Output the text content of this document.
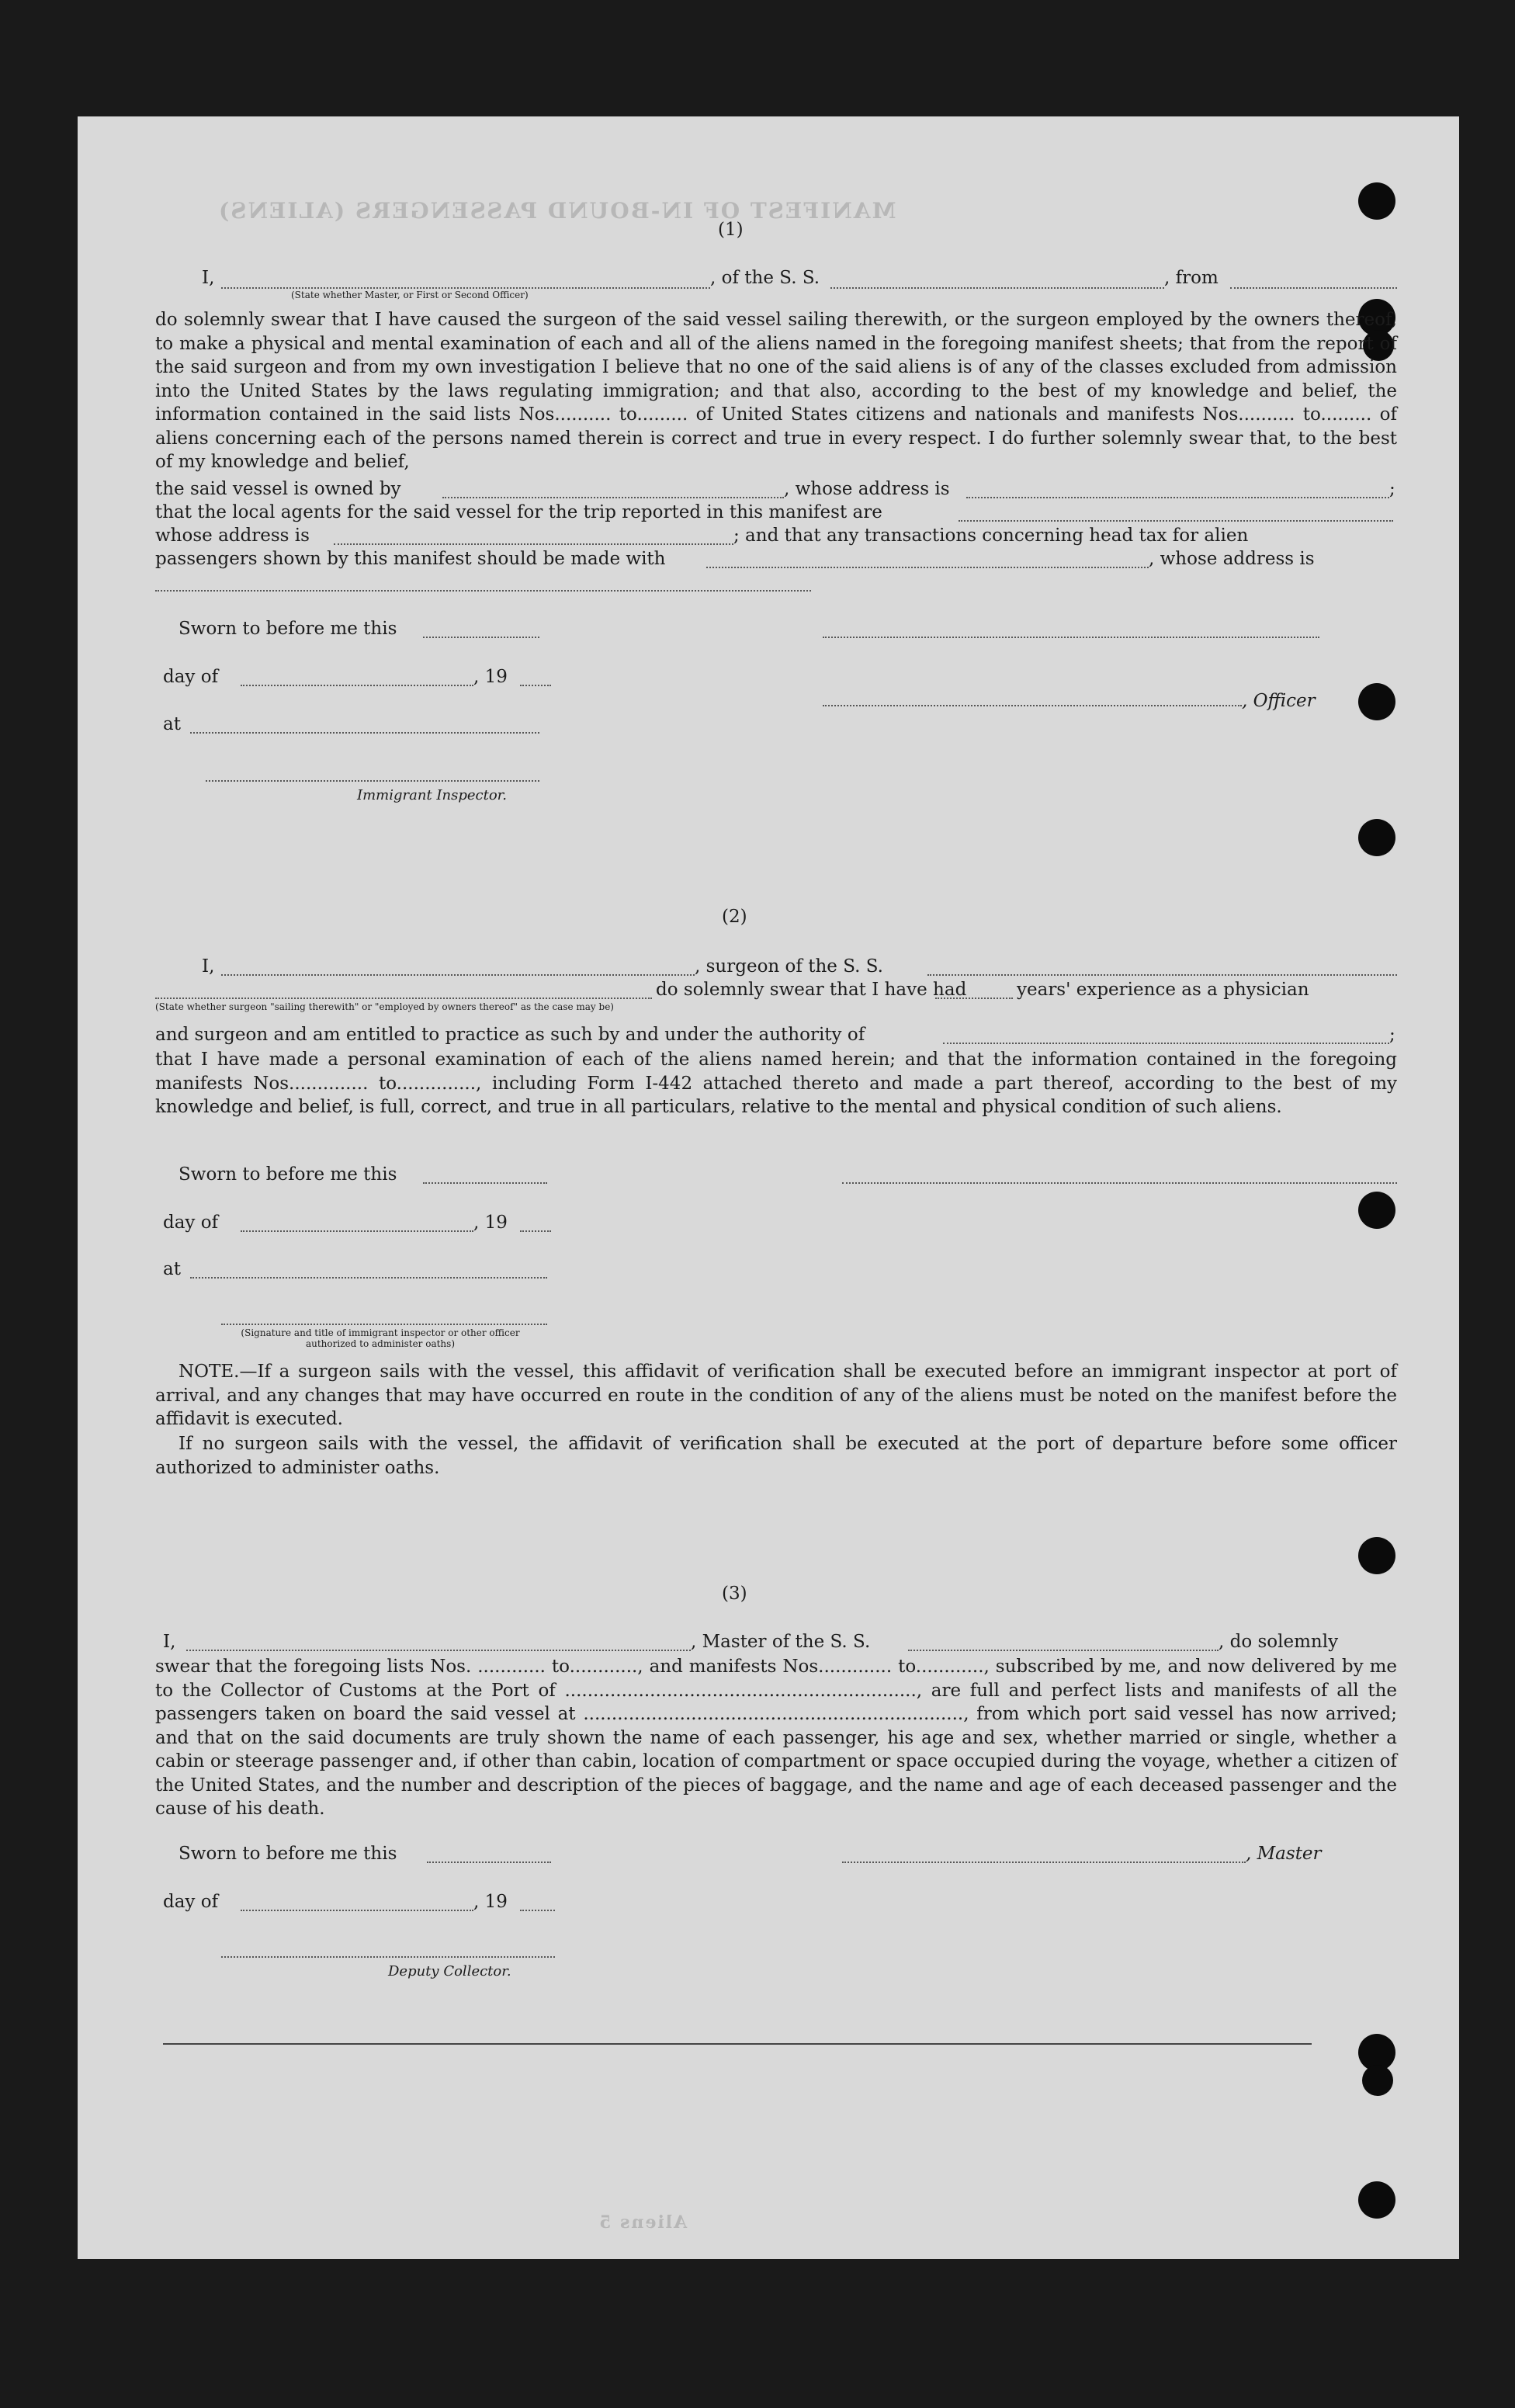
MANIFEST OF IN-BOUND PASSENGERS (ALIENS)
(1)
I,	, of the S. S.	, from
(State whether Master, or First or Second Officer)
do solemnly swear that I have caused the surgeon of the said vessel sailing therewith, or the surgeon employed by the owners thereof, to make a physical and mental examination of each and all of the aliens named in the foregoing manifest sheets; that from the report of the said surgeon and from my own investigation I believe that no one of the said aliens is of any of the classes excluded from admission into the United States by the laws regulating immigration; and that also, according to the best of my knowledge and belief, the information contained in the said lists Nos.......... to......... of United States citizens and nationals and manifests Nos.......... to......... of aliens concerning each of the persons named therein is correct and true in every respect. I do further solemnly swear that, to the best of my knowledge and belief,
the said vessel is owned by	, whose address is	;
that the local agents for the said vessel for the trip reported in this manifest are
whose address is	; and that any transactions concerning head tax for alien
passengers shown by this manifest should be made with	, whose address is
Sworn to before me this
day of	, 19
at
, Officer
Immigrant Inspector.
(2)
I,	, surgeon of the S. S.
do solemnly swear that I have had	years' experience as a physician
(State whether surgeon "sailing therewith" or "employed by owners thereof" as the case may be)
and surgeon and am entitled to practice as such by and under the authority of	;
that I have made a personal examination of each of the aliens named herein; and that the information contained in the foregoing manifests Nos.............. to.............., including Form I-442 attached thereto and made a part thereof, according to the best of my knowledge and belief, is full, correct, and true in all particulars, relative to the mental and physical condition of such aliens.
Sworn to before me this
day of	, 19
at
(Signature and title of immigrant inspector or other officer authorized to administer oaths)
NOTE.—If a surgeon sails with the vessel, this affidavit of verification shall be executed before an immigrant inspector at port of arrival, and any changes that may have occurred en route in the condition of any of the aliens must be noted on the manifest before the affidavit is executed.
If no surgeon sails with the vessel, the affidavit of verification shall be executed at the port of departure before some officer authorized to administer oaths.
(3)
I,	, Master of the S. S.	, do solemnly
swear that the foregoing lists Nos. ............ to............, and manifests Nos............. to............, subscribed by me, and now delivered by me to the Collector of Customs at the Port of .............................................................., are full and perfect lists and manifests of all the passengers taken on board the said vessel at ..................................................................., from which port said vessel has now arrived; and that on the said documents are truly shown the name of each passenger, his age and sex, whether married or single, whether a cabin or steerage passenger and, if other than cabin, location of compartment or space occupied during the voyage, whether a citizen of the United States, and the number and description of the pieces of baggage, and the name and age of each deceased passenger and the cause of his death.
Sworn to before me this	, Master
day of	, 19
Deputy Collector.
Aliens 5
